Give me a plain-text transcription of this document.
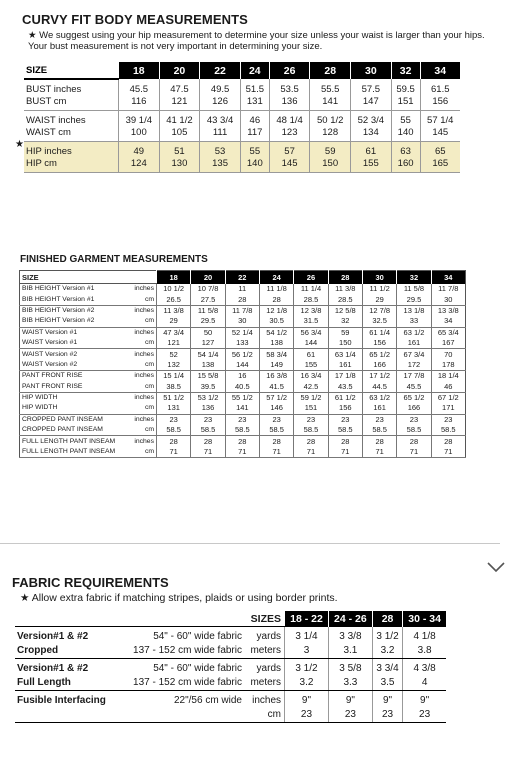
CURVY FIT BODY MEASUREMENTS
★ We suggest using your hip measurement to determine your size unless your waist is larger than your hips. Your bust measurement is not very important in determining your size.
★
SIZE	18	20	22	24	26	28	30	32	34
BUST inches	45.5	47.5	49.5	51.5	53.5	55.5	57.5	59.5	61.5
BUST cm	116	121	126	131	136	141	147	151	156
WAIST inches	39 1/4	41 1/2	43 3/4	46	48 1/4	50 1/2	52 3/4	55	57 1/4
WAIST cm	100	105	111	117	123	128	134	140	145
HIP inches	49	51	53	55	57	59	61	63	65
HIP cm	124	130	135	140	145	150	155	160	165
FINISHED GARMENT MEASUREMENTS
SIZE		18	20	22	24	26	28	30	32	34
BIB HEIGHT Version #1	inches	10 1/2	10 7/8	11	11 1/8	11 1/4	11 3/8	11 1/2	11 5/8	11 7/8
BIB HEIGHT Version #1	cm	26.5	27.5	28	28	28.5	28.5	29	29.5	30
BIB HEIGHT Version #2	inches	11 3/8	11 5/8	11 7/8	12 1/8	12 3/8	12 5/8	12 7/8	13 1/8	13 3/8
BIB HEIGHT Version #2	cm	29	29.5	30	30.5	31.5	32	32.5	33	34
WAIST Version #1	inches	47 3/4	50	52 1/4	54 1/2	56 3/4	59	61 1/4	63 1/2	65 3/4
WAIST Version #1	cm	121	127	133	138	144	150	156	161	167
WAIST Version #2	inches	52	54 1/4	56 1/2	58 3/4	61	63 1/4	65 1/2	67 3/4	70
WAIST Version #2	cm	132	138	144	149	155	161	166	172	178
PANT FRONT RISE	inches	15 1/4	15 5/8	16	16 3/8	16 3/4	17 1/8	17 1/2	17 7/8	18 1/4
PANT FRONT RISE	cm	38.5	39.5	40.5	41.5	42.5	43.5	44.5	45.5	46
HIP WIDTH	inches	51 1/2	53 1/2	55 1/2	57 1/2	59 1/2	61 1/2	63 1/2	65 1/2	67 1/2
HIP WIDTH	cm	131	136	141	146	151	156	161	166	171
CROPPED PANT INSEAM	inches	23	23	23	23	23	23	23	23	23
CROPPED PANT INSEAM	cm	58.5	58.5	58.5	58.5	58.5	58.5	58.5	58.5	58.5
FULL LENGTH PANT INSEAM	inches	28	28	28	28	28	28	28	28	28
FULL LENGTH PANT INSEAM	cm	71	71	71	71	71	71	71	71	71
FABRIC REQUIREMENTS
★ Allow extra fabric if matching stripes, plaids or using border prints.
	SIZES		18 - 22	24 - 26	28	30 - 34
Version#1 & #2	54" - 60" wide fabric	yards	3 1/4	3 3/8	3 1/2	4 1/8
Cropped	137 - 152 cm wide fabric	meters	3	3.1	3.2	3.8
Version#1 & #2	54" - 60" wide fabric	yards	3 1/2	3 5/8	3 3/4	4 3/8
Full Length	137 - 152 cm wide fabric	meters	3.2	3.3	3.5	4
Fusible Interfacing	22"/56 cm wide	inches	9"	9"	9"	9"
		cm	23	23	23	23
